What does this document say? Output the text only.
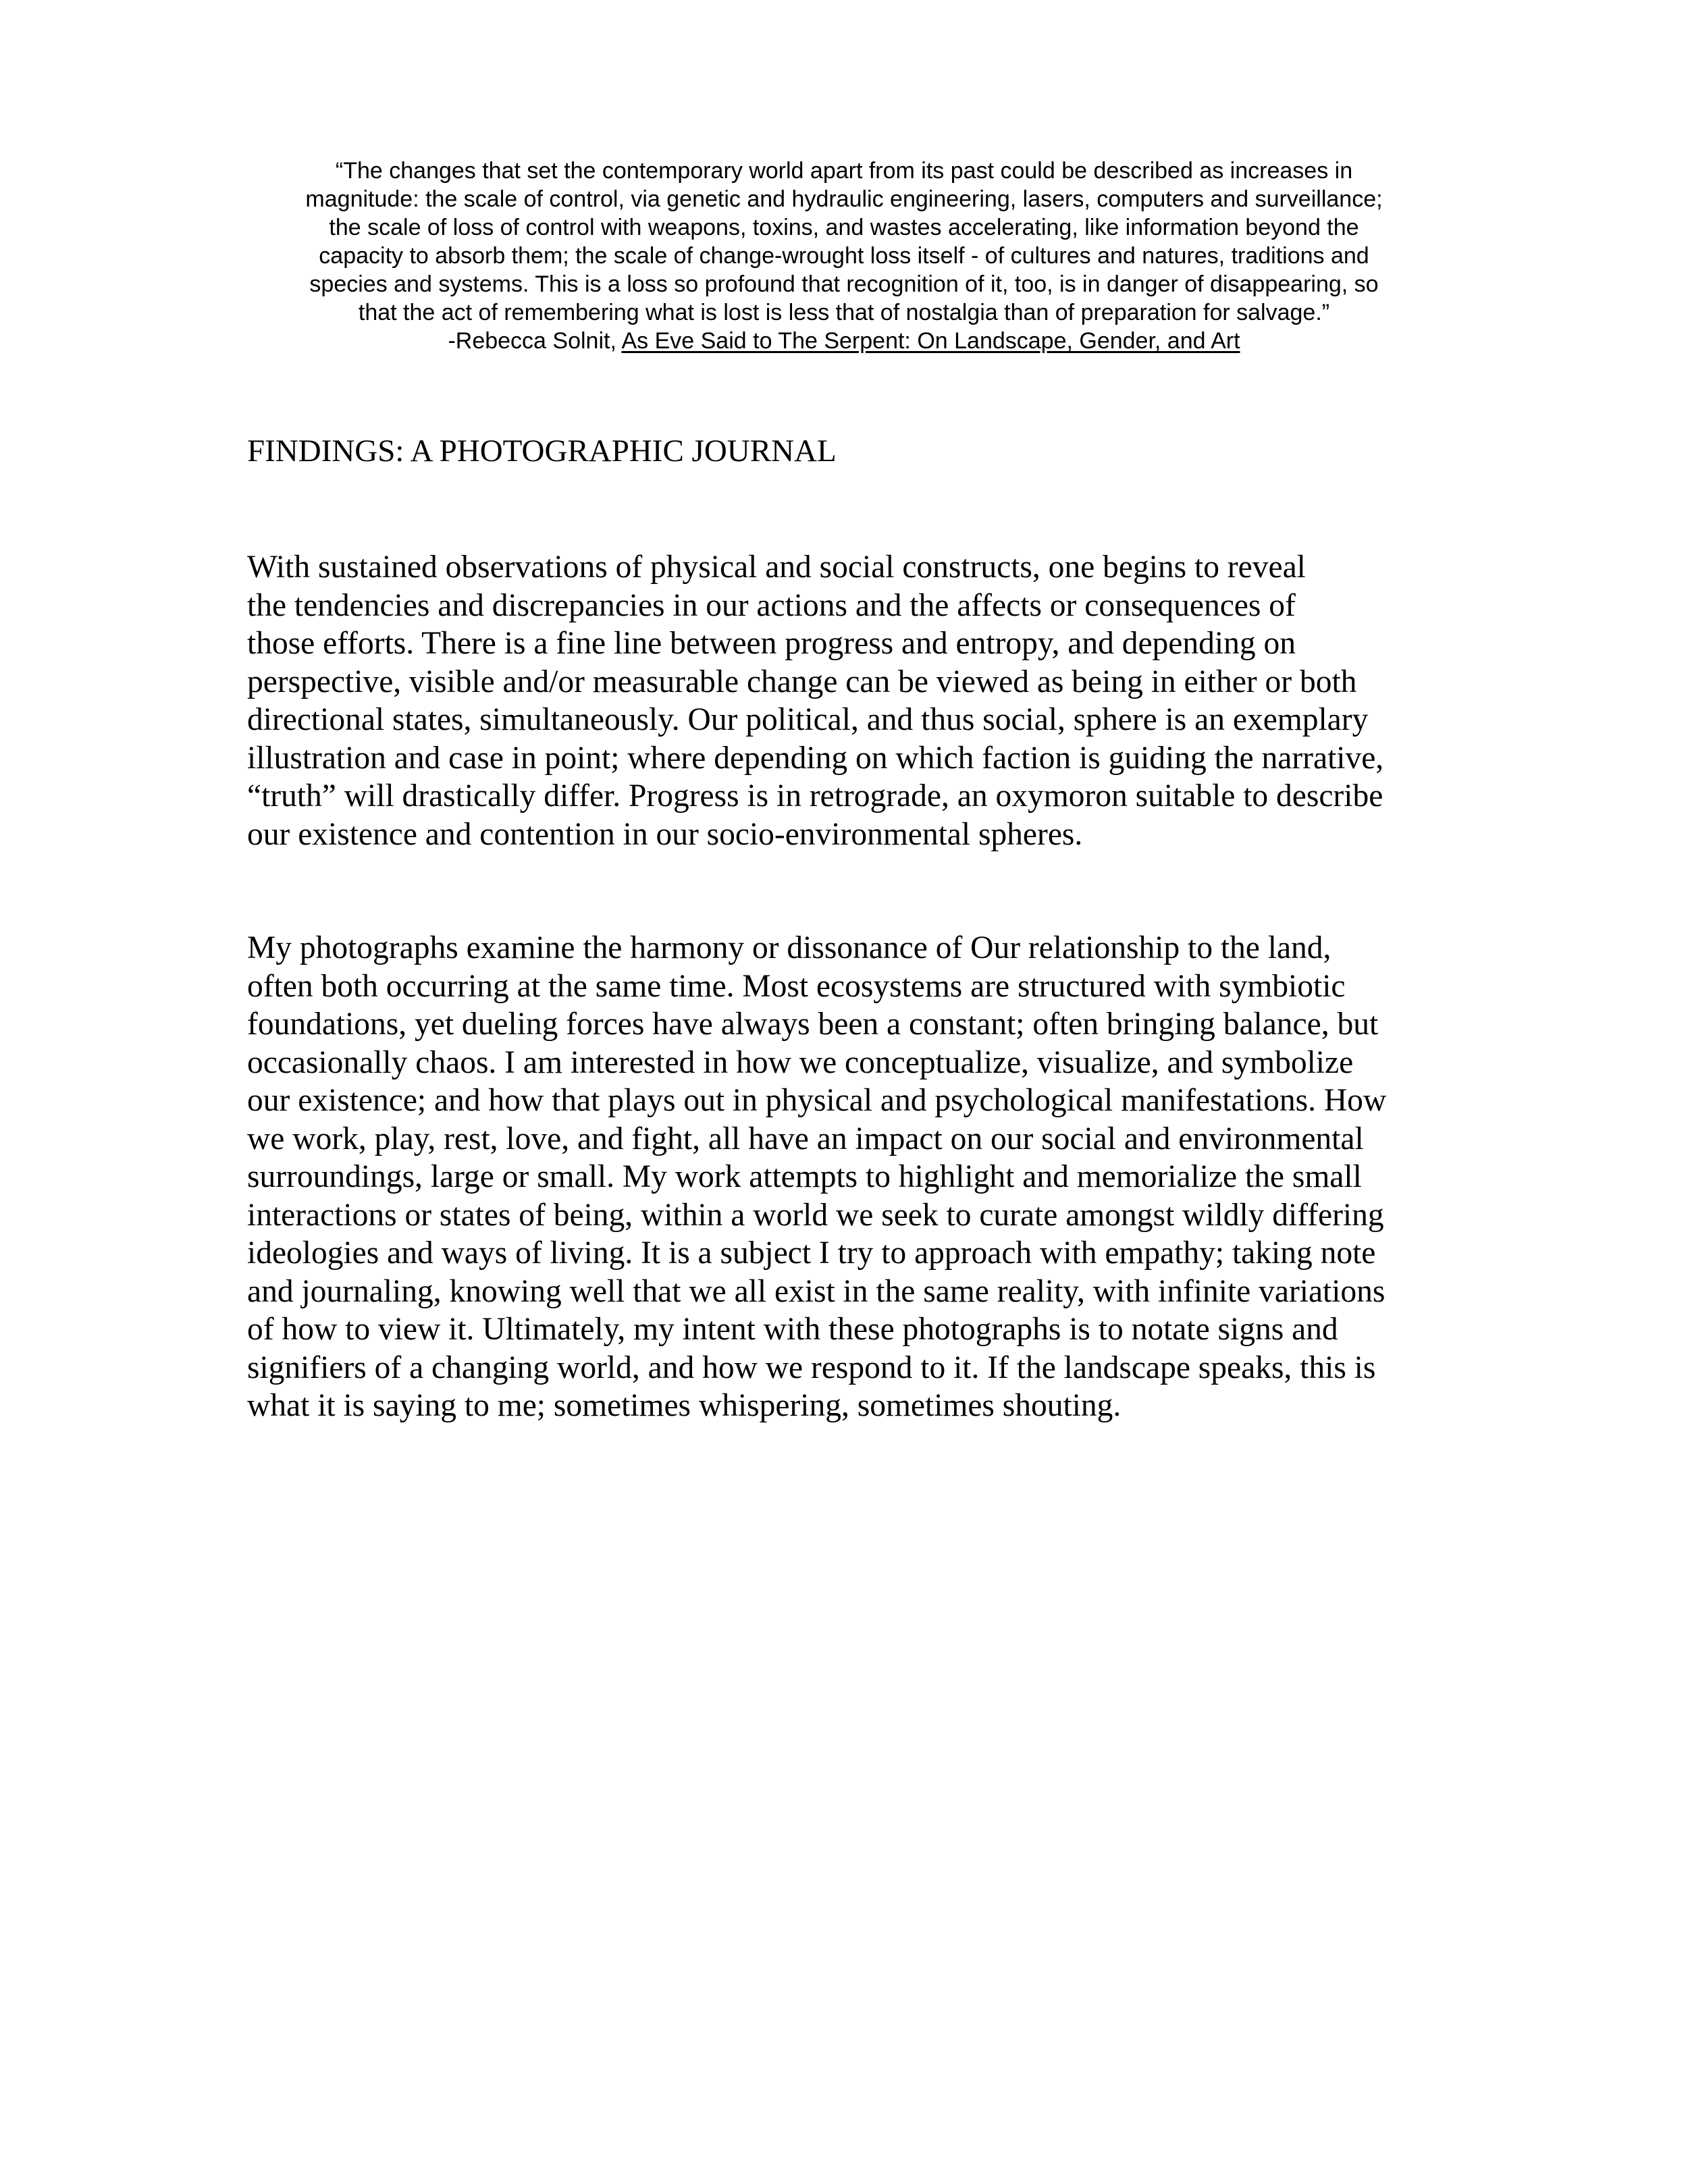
“The changes that set the contemporary world apart from its past could be described as increases in
magnitude: the scale of control, via genetic and hydraulic engineering, lasers, computers and surveillance;
the scale of loss of control with weapons, toxins, and wastes accelerating, like information beyond the
capacity to absorb them; the scale of change-wrought loss itself - of cultures and natures, traditions and
species and systems. This is a loss so profound that recognition of it, too, is in danger of disappearing, so
that the act of remembering what is lost is less that of nostalgia than of preparation for salvage.”
-Rebecca Solnit, As Eve Said to The Serpent: On Landscape, Gender, and Art
FINDINGS: A PHOTOGRAPHIC JOURNAL
With sustained observations of physical and social constructs, one begins to reveal
the tendencies and discrepancies in our actions and the affects or consequences of
those efforts. There is a fine line between progress and entropy, and depending on
perspective, visible and/or measurable change can be viewed as being in either or both
directional states, simultaneously. Our political, and thus social, sphere is an exemplary
illustration and case in point; where depending on which faction is guiding the narrative,
“truth” will drastically differ. Progress is in retrograde, an oxymoron suitable to describe
our existence and contention in our socio-environmental spheres.
My photographs examine the harmony or dissonance of Our relationship to the land,
often both occurring at the same time. Most ecosystems are structured with symbiotic
foundations, yet dueling forces have always been a constant; often bringing balance, but
occasionally chaos. I am interested in how we conceptualize, visualize, and symbolize
our existence; and how that plays out in physical and psychological manifestations. How
we work, play, rest, love, and fight, all have an impact on our social and environmental
surroundings, large or small. My work attempts to highlight and memorialize the small
interactions or states of being, within a world we seek to curate amongst wildly differing
ideologies and ways of living. It is a subject I try to approach with empathy; taking note
and journaling, knowing well that we all exist in the same reality, with infinite variations
of how to view it. Ultimately, my intent with these photographs is to notate signs and
signifiers of a changing world, and how we respond to it. If the landscape speaks, this is
what it is saying to me; sometimes whispering, sometimes shouting.
